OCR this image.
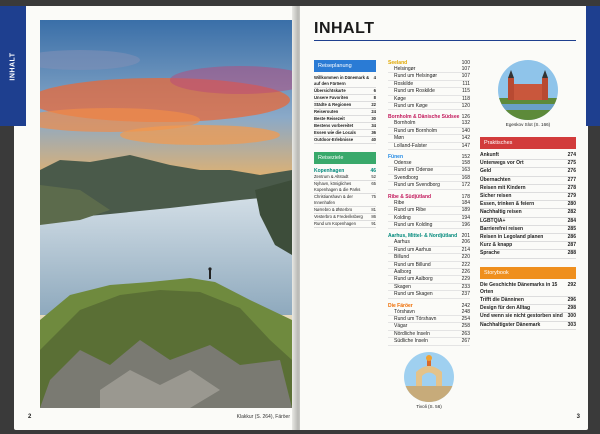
Klakkur (S. 264), Färöer
2
INHALT
Reiseplanung
Willkommen in Dänemark & auf den Färöern
4
Übersichtskarte	6
Unsere Favoriten	8
Städte & Regionen	22
Reiserouten	24
Beste Reisezeit	30
Bestens vorbereitet	34
Essen wie die Locals	36
Outdoor-Erlebnisse	40
Reiseziele
Kopenhagen	46
Zentrum & Altstadt	52
Nyhavn, königliches Kopenhagen & die Parks
65
Christianshavn & der Innenhafen
75
Nørrebro & Østerbro	81
Vesterbro & Frederiksberg 86
Rund um Kopenhagen	91
Seeland	100
Helsingør	107
Rund um Helsingør	107
Roskilde	111
Rund um Roskilde	115
Køge	118
Rund um Køge	120
Bornholm & Dänische Südsee 126
Bornholm	132
Rund um Bornholm	140
Møn	142
Lolland-Falster	147
Fünen	152
Odense	158
Rund um Odense	163
Svendborg	168
Rund um Svendborg	172
Ribe & Südjütland	178
Ribe	184
Rund um Ribe	189
Kolding	194
Rund um Kolding	196
Aarhus, Mittel- & Nordjütland 201
Aarhus	206
Rund um Aarhus	214
Billund	220
Rund um Billund	222
Aalborg	226
Rund um Aalborg	229
Skagen	233
Rund um Skagen	237
Die Färöer	242
Tórshavn	248
Rund um Tórshavn	254
Vágar	258
Nördliche Inseln	263
Südliche Inseln	267
Tivoli (S. 56)
Egeskov Slot (S. 166)
Praktisches
Ankunft	274
Unterwegs vor Ort	275
Geld	276
Übernachten	277
Reisen mit Kindern	278
Sicher reisen	279
Essen, trinken & feiern	280
Nachhaltig reisen	282
LGBTQIA+	284
Barrierefrei reisen	285
Reisen in Legoland planen	286
Kurz & knapp	287
Sprache	288
Storybook
Die Geschichte Dänemarks in 15 Orten
292
Trifft die Dänninen	296
Design für den Alltag	298
Und wenn sie nicht gestorben sind 300
Nachhaltigster Dänemark	303
3
INHALT
